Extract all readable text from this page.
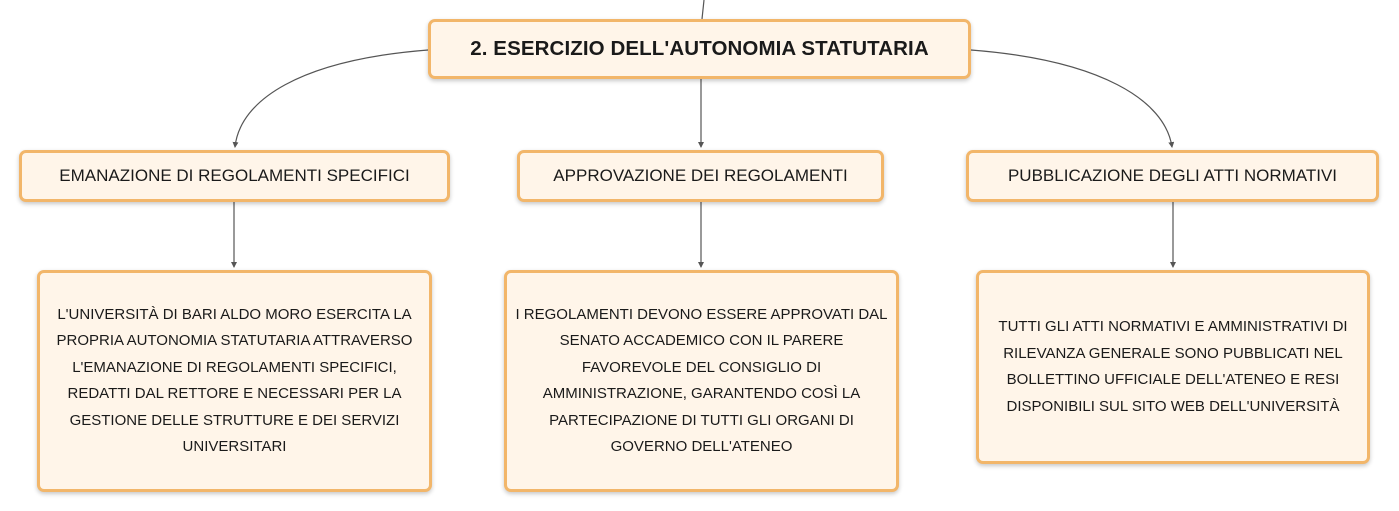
2. ESERCIZIO DELL'AUTONOMIA STATUTARIA
EMANAZIONE DI REGOLAMENTI SPECIFICI	APPROVAZIONE DEI REGOLAMENTI	PUBBLICAZIONE DEGLI ATTI NORMATIVI
L'UNIVERSITÀ DI BARI ALDO MORO ESERCITA LA PROPRIA AUTONOMIA STATUTARIA ATTRAVERSO L'EMANAZIONE DI REGOLAMENTI SPECIFICI, REDATTI DAL RETTORE E NECESSARI PER LA GESTIONE DELLE STRUTTURE E DEI SERVIZI UNIVERSITARI
I REGOLAMENTI DEVONO ESSERE APPROVATI DAL SENATO ACCADEMICO CON IL PARERE FAVOREVOLE DEL CONSIGLIO DI AMMINISTRAZIONE, GARANTENDO COSÌ LA PARTECIPAZIONE DI TUTTI GLI ORGANI DI GOVERNO DELL'ATENEO
TUTTI GLI ATTI NORMATIVI E AMMINISTRATIVI DI RILEVANZA GENERALE SONO PUBBLICATI NEL BOLLETTINO UFFICIALE DELL'ATENEO E RESI DISPONIBILI SUL SITO WEB DELL'UNIVERSITÀ
